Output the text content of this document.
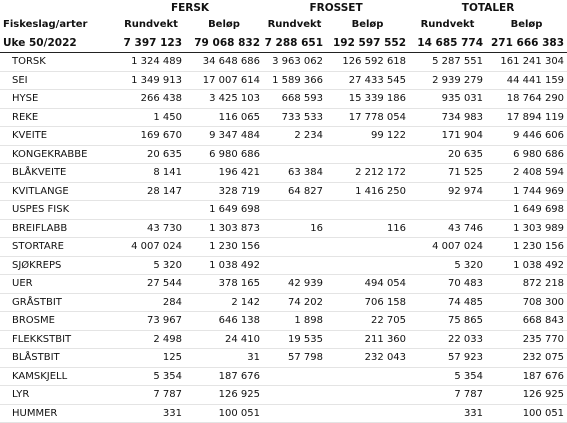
	FERSK		FROSSET		TOTALER	
Fiskeslag/arter	Rundvekt	Beløp	Rundvekt	Beløp	Rundvekt	Beløp
Uke 50/2022	7 397 123	79 068 832	7 288 651	192 597 552	14 685 774	271 666 383
TORSK	1 324 489	34 648 686	3 963 062	126 592 618	5 287 551	161 241 304
SEI	1 349 913	17 007 614	1 589 366	27 433 545	2 939 279	44 441 159
HYSE	266 438	3 425 103	668 593	15 339 186	935 031	18 764 290
REKE	1 450	116 065	733 533	17 778 054	734 983	17 894 119
KVEITE	169 670	9 347 484	2 234	99 122	171 904	9 446 606
KONGEKRABBE	20 635	6 980 686			20 635	6 980 686
BLÅKVEITE	8 141	196 421	63 384	2 212 172	71 525	2 408 594
KVITLANGE	28 147	328 719	64 827	1 416 250	92 974	1 744 969
USPES FISK		1 649 698				1 649 698
BREIFLABB	43 730	1 303 873	16	116	43 746	1 303 989
STORTARE	4 007 024	1 230 156			4 007 024	1 230 156
SJØKREPS	5 320	1 038 492			5 320	1 038 492
UER	27 544	378 165	42 939	494 054	70 483	872 218
GRÅSTBIT	284	2 142	74 202	706 158	74 485	708 300
BROSME	73 967	646 138	1 898	22 705	75 865	668 843
FLEKKSTBIT	2 498	24 410	19 535	211 360	22 033	235 770
BLÅSTBIT	125	31	57 798	232 043	57 923	232 075
KAMSKJELL	5 354	187 676			5 354	187 676
LYR	7 787	126 925			7 787	126 925
HUMMER	331	100 051			331	100 051
